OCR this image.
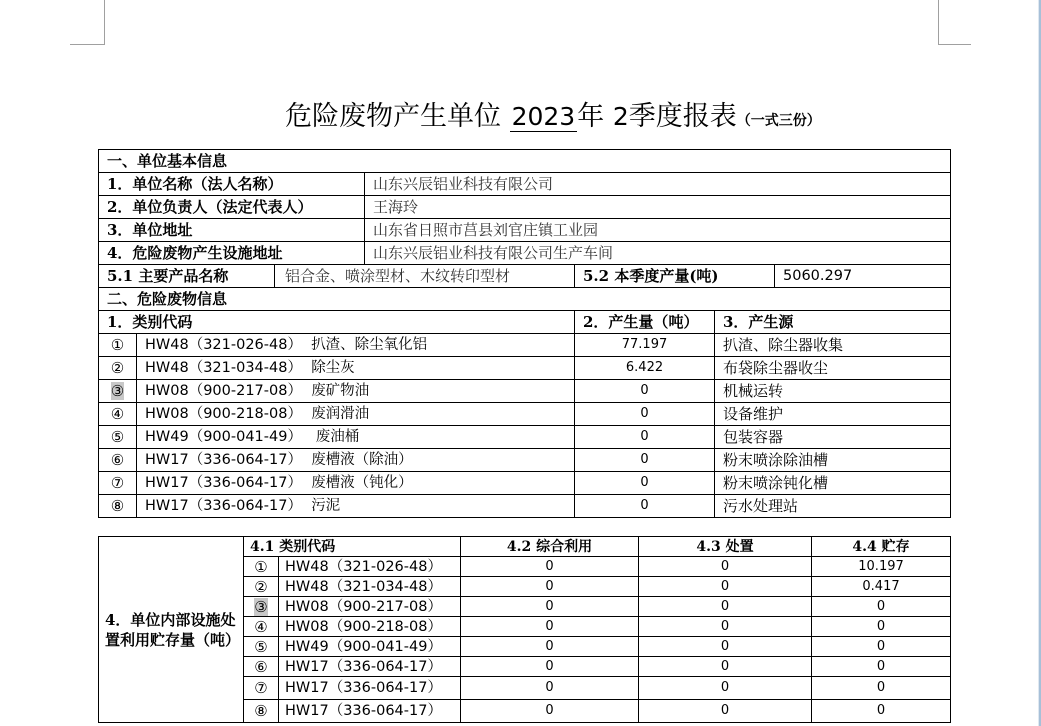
危险废物产生单位 2023年 2季度报表（一式三份）
一、单位基本信息						
1．单位名称（法人名称）			山东兴辰铝业科技有限公司			
2．单位负责人（法定代表人）			王海玲			
3．单位地址			山东省日照市莒县刘官庄镇工业园			
4．危险废物产生设施地址			山东兴辰铝业科技有限公司生产车间			
5.1 主要产品名称		铝合金、喷涂型材、木纹转印型材		5.2 本季度产量(吨)		5060.297
二、危险废物信息						
1．类别代码				2．产生量（吨）	3．产生源	
①	HW48（321-026-48） 扒渣、除尘氧化铝			77.197	扒渣、除尘器收集	
②	HW48（321-034-48） 除尘灰			6.422	布袋除尘器收尘	
③	HW08（900-217-08） 废矿物油			0	机械运转	
④	HW08（900-218-08） 废润滑油			0	设备维护	
⑤	HW49（900-041-49） 废油桶			0	包装容器	
⑥	HW17（336-064-17） 废槽液（除油）			0	粉末喷涂除油槽	
⑦	HW17（336-064-17） 废槽液（钝化）			0	粉末喷涂钝化槽	
⑧	HW17（336-064-17） 污泥			0	污水处理站	
4．单位内部设施处置利用贮存量（吨）	4.1 类别代码		4.2 综合利用	4.3 处置	4.4 贮存
	①	HW48（321-026-48）	0	0	10.197
	②	HW48（321-034-48）	0	0	0.417
	③	HW08（900-217-08）	0	0	0
	④	HW08（900-218-08）	0	0	0
	⑤	HW49（900-041-49）	0	0	0
	⑥	HW17（336-064-17）	0	0	0
	⑦	HW17（336-064-17）	0	0	0
	⑧	HW17（336-064-17）	0	0	0
